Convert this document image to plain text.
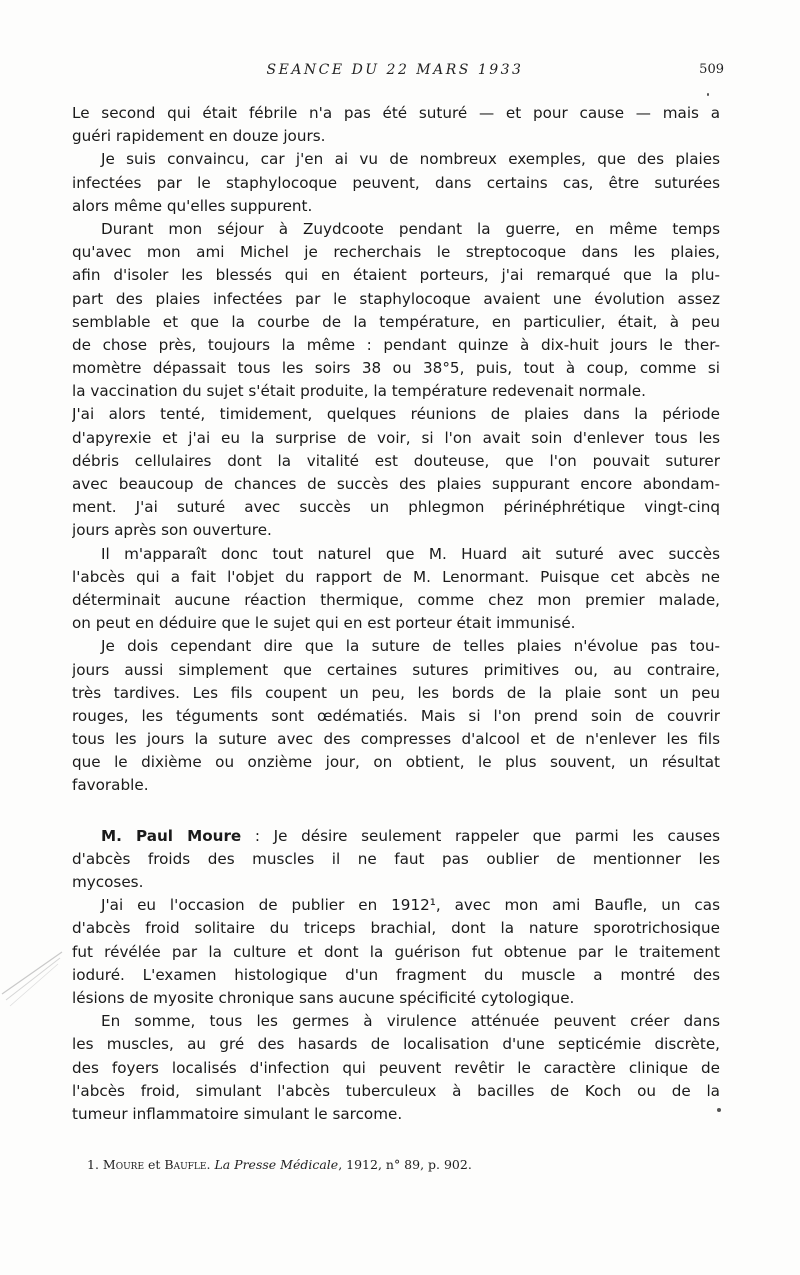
SEANCE DU 22 MARS 1933	509
Le second qui était fébrile n'a pas été suturé — et pour cause — mais a
guéri rapidement en douze jours.
Je suis convaincu, car j'en ai vu de nombreux exemples, que des plaies
infectées par le staphylocoque peuvent, dans certains cas, être suturées
alors même qu'elles suppurent.
Durant mon séjour à Zuydcoote pendant la guerre, en même temps
qu'avec mon ami Michel je recherchais le streptocoque dans les plaies,
afin d'isoler les blessés qui en étaient porteurs, j'ai remarqué que la plu-
part des plaies infectées par le staphylocoque avaient une évolution assez
semblable et que la courbe de la température, en particulier, était, à peu
de chose près, toujours la même : pendant quinze à dix-huit jours le ther-
momètre dépassait tous les soirs 38 ou 38°5, puis, tout à coup, comme si
la vaccination du sujet s'était produite, la température redevenait normale.
J'ai alors tenté, timidement, quelques réunions de plaies dans la période
d'apyrexie et j'ai eu la surprise de voir, si l'on avait soin d'enlever tous les
débris cellulaires dont la vitalité est douteuse, que l'on pouvait suturer
avec beaucoup de chances de succès des plaies suppurant encore abondam-
ment. J'ai suturé avec succès un phlegmon périnéphrétique vingt-cinq
jours après son ouverture.
Il m'apparaît donc tout naturel que M. Huard ait suturé avec succès
l'abcès qui a fait l'objet du rapport de M. Lenormant. Puisque cet abcès ne
déterminait aucune réaction thermique, comme chez mon premier malade,
on peut en déduire que le sujet qui en est porteur était immunisé.
Je dois cependant dire que la suture de telles plaies n'évolue pas tou-
jours aussi simplement que certaines sutures primitives ou, au contraire,
très tardives. Les fils coupent un peu, les bords de la plaie sont un peu
rouges, les téguments sont œdématiés. Mais si l'on prend soin de couvrir
tous les jours la suture avec des compresses d'alcool et de n'enlever les fils
que le dixième ou onzième jour, on obtient, le plus souvent, un résultat
favorable.
M. Paul Moure : Je désire seulement rappeler que parmi les causes
d'abcès froids des muscles il ne faut pas oublier de mentionner les
mycoses.
J'ai eu l'occasion de publier en 1912¹, avec mon ami Baufle, un cas
d'abcès froid solitaire du triceps brachial, dont la nature sporotrichosique
fut révélée par la culture et dont la guérison fut obtenue par le traitement
ioduré. L'examen histologique d'un fragment du muscle a montré des
lésions de myosite chronique sans aucune spécificité cytologique.
En somme, tous les germes à virulence atténuée peuvent créer dans
les muscles, au gré des hasards de localisation d'une septicémie discrète,
des foyers localisés d'infection qui peuvent revêtir le caractère clinique de
l'abcès froid, simulant l'abcès tuberculeux à bacilles de Koch ou de la
tumeur inflammatoire simulant le sarcome.
1. Moure et Baufle. La Presse Médicale, 1912, n° 89, p. 902.
